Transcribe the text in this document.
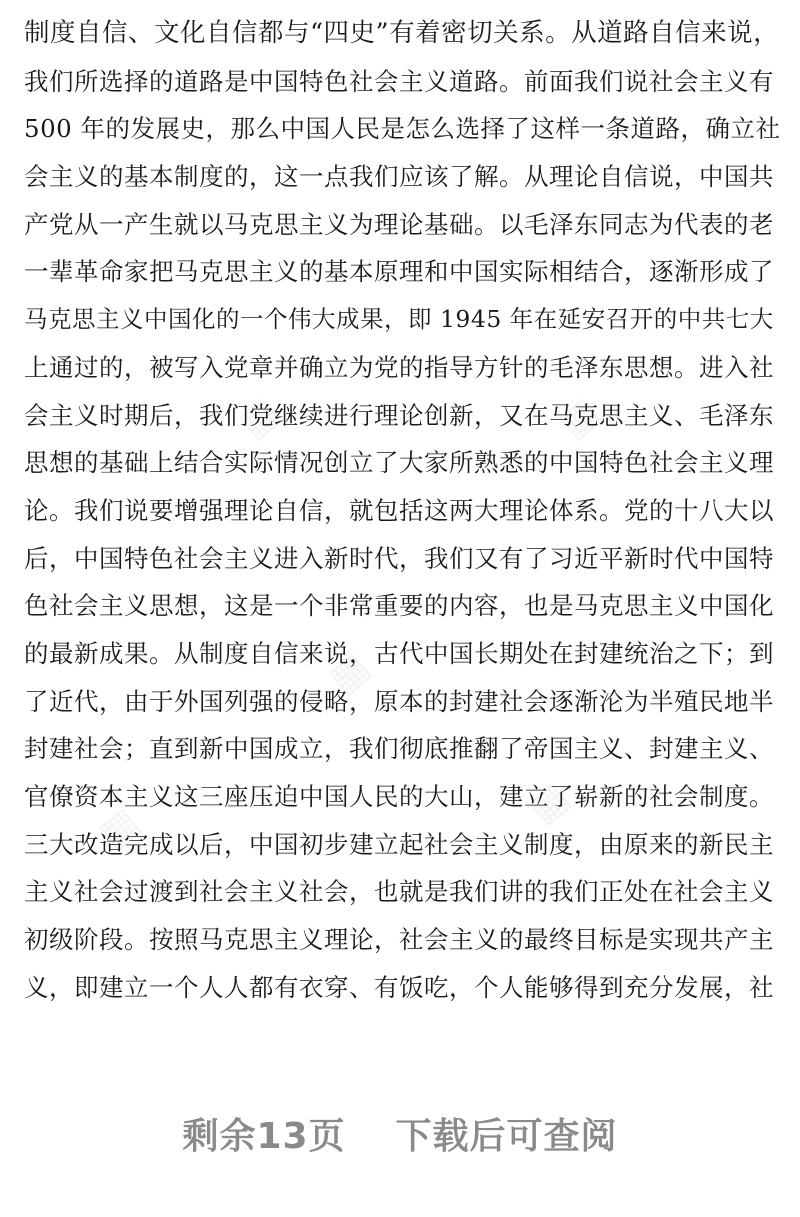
制度自信、文化自信都与“四史”有着密切关系。从道路自信来说，
我们所选择的道路是中国特色社会主义道路。前面我们说社会主义有
500 年的发展史，那么中国人民是怎么选择了这样一条道路，确立社
会主义的基本制度的，这一点我们应该了解。从理论自信说，中国共
产党从一产生就以马克思主义为理论基础。以毛泽东同志为代表的老
一辈革命家把马克思主义的基本原理和中国实际相结合，逐渐形成了
马克思主义中国化的一个伟大成果，即 1945 年在延安召开的中共七大
上通过的，被写入党章并确立为党的指导方针的毛泽东思想。进入社
会主义时期后，我们党继续进行理论创新，又在马克思主义、毛泽东
思想的基础上结合实际情况创立了大家所熟悉的中国特色社会主义理
论。我们说要增强理论自信，就包括这两大理论体系。党的十八大以
后，中国特色社会主义进入新时代，我们又有了习近平新时代中国特
色社会主义思想，这是一个非常重要的内容，也是马克思主义中国化
的最新成果。从制度自信来说，古代中国长期处在封建统治之下；到
了近代，由于外国列强的侵略，原本的封建社会逐渐沦为半殖民地半
封建社会；直到新中国成立，我们彻底推翻了帝国主义、封建主义、
官僚资本主义这三座压迫中国人民的大山，建立了崭新的社会制度。
三大改造完成以后，中国初步建立起社会主义制度，由原来的新民主
主义社会过渡到社会主义社会，也就是我们讲的我们正处在社会主义
初级阶段。按照马克思主义理论，社会主义的最终目标是实现共产主
义，即建立一个人人都有衣穿、有饭吃，个人能够得到充分发展，社
剩余13页 下载后可查阅
